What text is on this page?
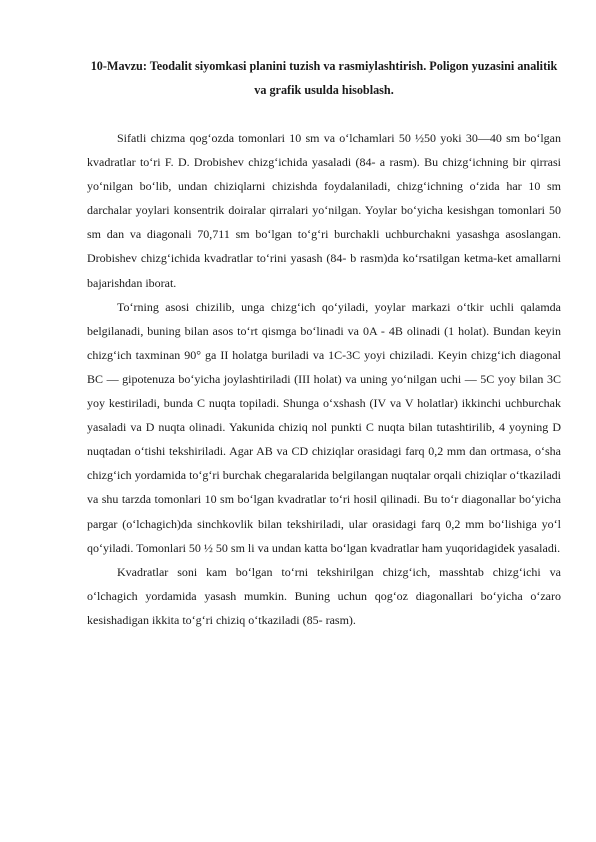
10-Mavzu: Teodalit siyomkasi planini tuzish va rasmiylashtirish. Poligon yuzasini analitik va grafik usulda hisoblash.

Sifatli chizma qog‘ozda tomonlari 10 sm va o‘lchamlari 50 ½50 yoki 30—40 sm bo‘lgan kvadratlar to‘ri F. D. Drobishev chizg‘ichida yasaladi (84- a rasm). Bu chizg‘ichning bir qirrasi yo‘nilgan bo‘lib, undan chiziqlarni chizishda foydalaniladi, chizg‘ichning o‘zida har 10 sm darchalar yoylari konsentrik doiralar qirralari yo‘nilgan. Yoylar bo‘yicha kesishgan tomonlari 50 sm dan va diagonali 70,711 sm bo‘lgan to‘g‘ri burchakli uchburchakni yasashga asoslangan. Drobishev chizg‘ichida kvadratlar to‘rini yasash (84- b rasm)da ko‘rsatilgan ketma-ket amallarni bajarishdan iborat.

To‘rning asosi chizilib, unga chizg‘ich qo‘yiladi, yoylar markazi o‘tkir uchli qalamda belgilanadi, buning bilan asos to‘rt qismga bo‘linadi va 0A - 4B olinadi (1 holat). Bundan keyin chizg‘ich taxminan 90° ga II holatga buriladi va 1C-3C yoyi chiziladi. Keyin chizg‘ich diagonal BC — gipotenuza bo‘yicha joylashtiriladi (III holat) va uning yo‘nilgan uchi — 5C yoy bilan 3C yoy kestiriladi, bunda C nuqta topiladi. Shunga o‘xshash (IV va V holatlar) ikkinchi uchburchak yasaladi va D nuqta olinadi. Yakunida chiziq nol punkti C nuqta bilan tutashtirilib, 4 yoyning D nuqtadan o‘tishi tekshiriladi. Agar AB va CD chiziqlar orasidagi farq 0,2 mm dan ortmasa, o‘sha chizg‘ich yordamida to‘g‘ri burchak chegaralarida belgilangan nuqtalar orqali chiziqlar o‘tkaziladi va shu tarzda tomonlari 10 sm bo‘lgan kvadratlar to‘ri hosil qilinadi. Bu to‘r diagonallar bo‘yicha pargar (o‘lchagich)da sinchkovlik bilan tekshiriladi, ular orasidagi farq 0,2 mm bo‘lishiga yo‘l qo‘yiladi. Tomonlari 50 ½ 50 sm li va undan katta bo‘lgan kvadratlar ham yuqoridagidek yasaladi.

Kvadratlar soni kam bo‘lgan to‘rni tekshirilgan chizg‘ich, masshtab chizg‘ichi va o‘lchagich yordamida yasash mumkin. Buning uchun qog‘oz diagonallari bo‘yicha o‘zaro kesishadigan ikkita to‘g‘ri chiziq o‘tkaziladi (85- rasm).
